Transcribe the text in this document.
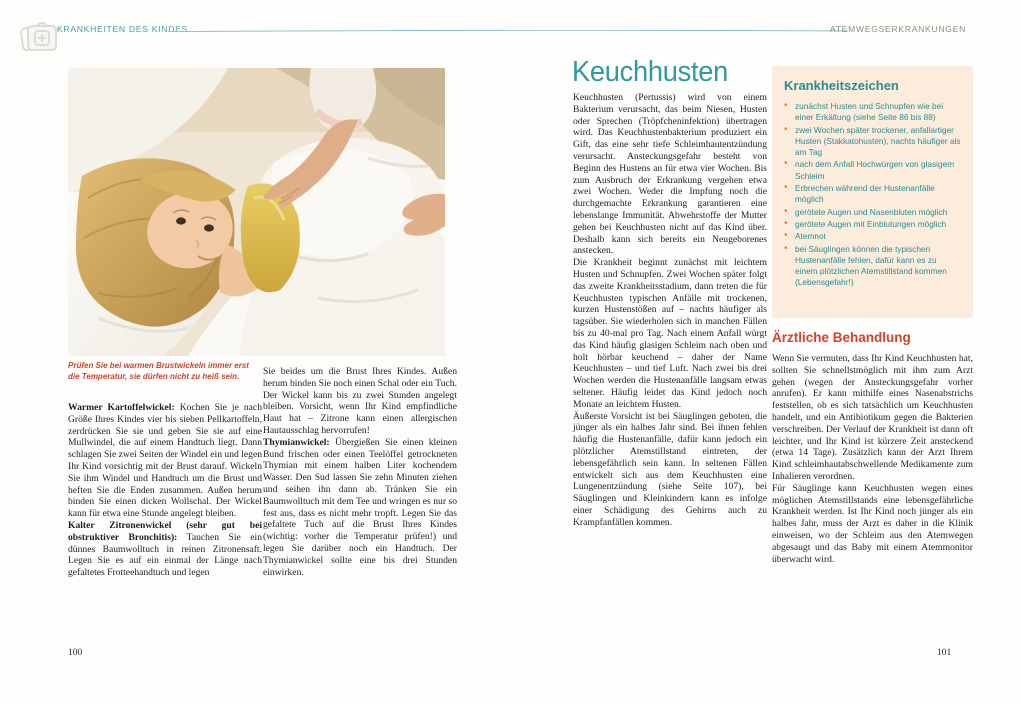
KRANKHEITEN DES KINDES	ATEMWEGSERKRANKUNGEN
Prüfen Sie bei warmen Brustwickeln immer erst die Temperatur, sie dürfen nicht zu heiß sein.

Warmer Kartoffelwickel: Kochen Sie je nach Größe Ihres Kindes vier bis sieben Pellkartoffeln, zerdrücken Sie sie und geben Sie sie auf eine Mullwindel, die auf einem Handtuch liegt. Dann schlagen Sie zwei Seiten der Windel ein und legen Ihr Kind vorsichtig mit der Brust darauf. Wickeln Sie ihm Windel und Handtuch um die Brust und heften Sie die Enden zusammen. Außen herum binden Sie einen dicken Wollschal. Der Wickel kann für etwa eine Stunde angelegt bleiben.

Kalter Zitronenwickel (sehr gut bei obstruktiver Bronchitis): Tauchen Sie ein dünnes Baumwolltuch in reinen Zitronensaft. Legen Sie es auf ein einmal der Länge nach gefaltetes Frotteehandtuch und legen

Sie beides um die Brust Ihres Kindes. Außen herum binden Sie noch einen Schal oder ein Tuch. Der Wickel kann bis zu zwei Stunden angelegt bleiben. Vorsicht, wenn Ihr Kind empfindliche Haut hat – Zitrone kann einen allergischen Hautausschlag hervorrufen!

Thymianwickel: Übergießen Sie einen kleinen Bund frischen oder einen Teelöffel getrockneten Thymian mit einem halben Liter kochendem Wasser. Den Sud lassen Sie zehn Minuten ziehen und seihen ihn dann ab. Tränken Sie ein Baumwolltuch mit dem Tee und wringen es nur so fest aus, dass es nicht mehr tropft. Legen Sie das gefaltete Tuch auf die Brust Ihres Kindes (wichtig: vorher die Temperatur prüfen!) und legen Sie darüber noch ein Handtuch. Der Thymianwickel sollte eine bis drei Stunden einwirken.

100
Keuchhusten

Keuchhusten (Pertussis) wird von einem Bakterium verursacht, das beim Niesen, Husten oder Sprechen (Tröpfcheninfektion) übertragen wird. Das Keuchhustenbakterium produziert ein Gift, das eine sehr tiefe Schleimhautentzündung verursacht. Ansteckungsgefahr besteht von Beginn des Hustens an für etwa vier Wochen. Bis zum Ausbruch der Erkrankung vergehen etwa zwei Wochen. Weder die Impfung noch die durchgemachte Erkrankung garantieren eine lebenslange Immunität. Abwehrstoffe der Mutter gehen bei Keuchhusten nicht auf das Kind über. Deshalb kann sich bereits ein Neugeborenes anstecken.

Die Krankheit beginnt zunächst mit leichtem Husten und Schnupfen. Zwei Wochen später folgt das zweite Krankheitsstadium, dann treten die für Keuchhusten typischen Anfälle mit trockenen, kurzen Hustenstößen auf – nachts häufiger als tagsüber. Sie wiederholen sich in manchen Fällen bis zu 40-mal pro Tag. Nach einem Anfall würgt das Kind häufig glasigen Schleim nach oben und holt hörbar keuchend – daher der Name Keuchhusten – und tief Luft. Nach zwei bis drei Wochen werden die Hustenanfälle langsam etwas seltener. Häufig leidet das Kind jedoch noch Monate an leichtem Husten.

Äußerste Vorsicht ist bei Säuglingen geboten, die jünger als ein halbes Jahr sind. Bei ihnen fehlen häufig die Hustenanfälle, dafür kann jedoch ein plötzlicher Atemstillstand eintreten, der lebensgefährlich sein kann. In seltenen Fällen entwickelt sich aus dem Keuchhusten eine Lungenentzündung (siehe Seite 107), bei Säuglingen und Kleinkindern kann es infolge einer Schädigung des Gehirns auch zu Krampfanfällen kommen.

Krankheitszeichen
• zunächst Husten und Schnupfen wie bei einer Erkältung (siehe Seite 86 bis 88)
• zwei Wochen später trockener, anfallartiger Husten (Stakkatohusten), nachts häufiger als am Tag
• nach dem Anfall Hochwürgen von glasigem Schleim
• Erbrechen während der Hustenanfälle möglich
• gerötete Augen und Nasenbluten möglich
• gerötete Augen mit Einblutungen möglich
• Atemnot
• bei Säuglingen können die typischen Hustenanfälle fehlen, dafür kann es zu einem plötzlichen Atemstillstand kommen (Lebensgefahr!)
Ärztliche Behandlung

Wenn Sie vermuten, dass Ihr Kind Keuchhusten hat, sollten Sie schnellstmöglich mit ihm zum Arzt gehen (wegen der Ansteckungsgefahr vorher anrufen). Er kann mithilfe eines Nasenabstrichs feststellen, ob es sich tatsächlich um Keuchhusten handelt, und ein Antibiotikum gegen die Bakterien verschreiben. Der Verlauf der Krankheit ist dann oft leichter, und Ihr Kind ist kürzere Zeit ansteckend (etwa 14 Tage). Zusätzlich kann der Arzt Ihrem Kind schleimhautabschwellende Medikamente zum Inhalieren verordnen.

Für Säuglinge kann Keuchhusten wegen eines möglichen Atemstillstands eine lebensgefährliche Krankheit werden. Ist Ihr Kind noch jünger als ein halbes Jahr, muss der Arzt es daher in die Klinik einweisen, wo der Schleim aus den Atemwegen abgesaugt und das Baby mit einem Atemmonitor überwacht wird.

101
